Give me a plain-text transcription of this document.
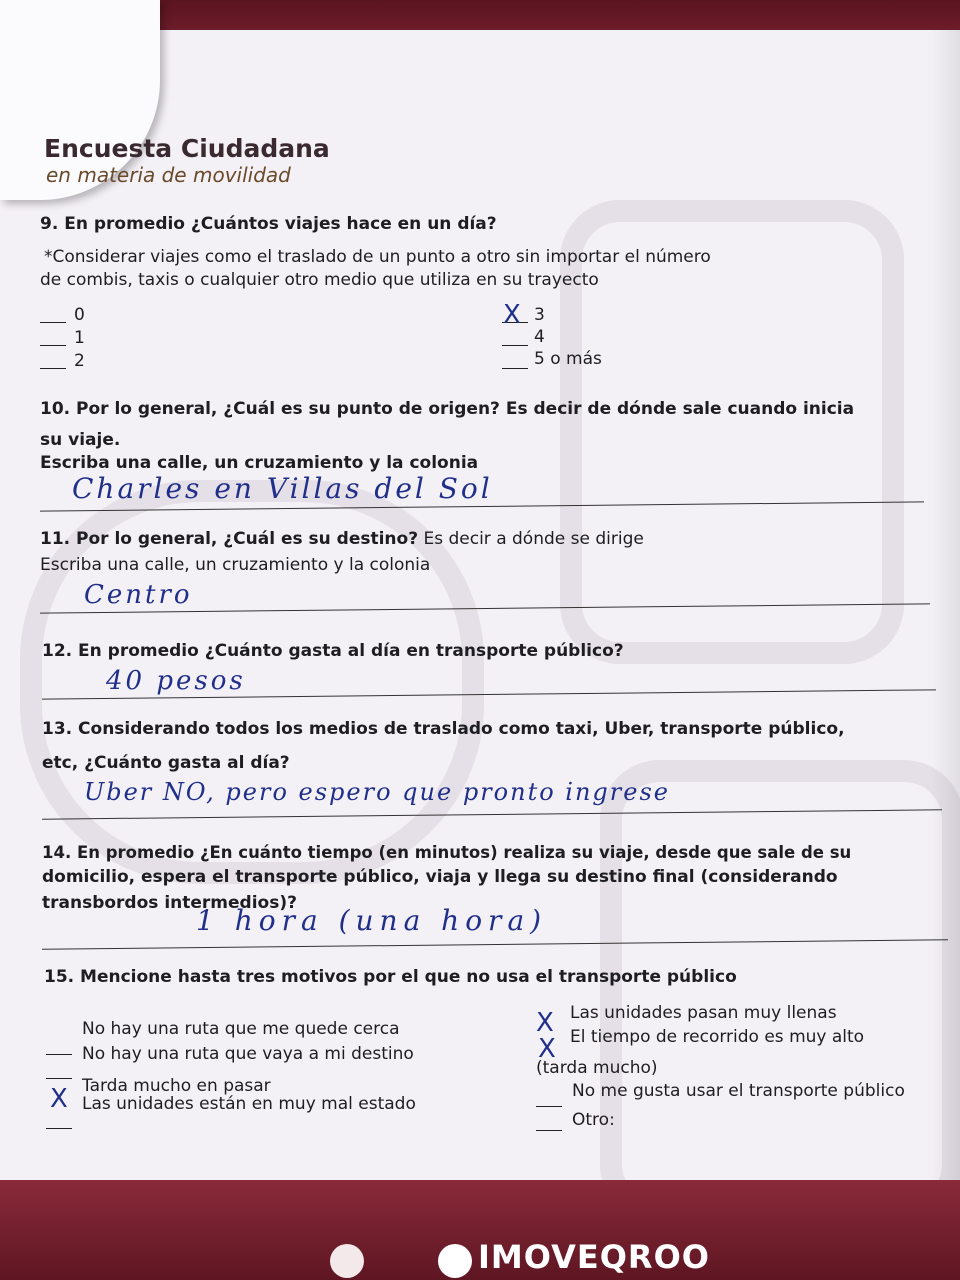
Encuesta Ciudadana
en materia de movilidad
9. En promedio ¿Cuántos viajes hace en un día?
*Considerar viajes como el traslado de un punto a otro sin importar el número
de combis, taxis o cualquier otro medio que utiliza en su trayecto
0
1
2
X 3
4
5 o más
10. Por lo general, ¿Cuál es su punto de origen? Es decir de dónde sale cuando inicia
su viaje.
Escriba una calle, un cruzamiento y la colonia
Charles en Villas del Sol
11. Por lo general, ¿Cuál es su destino? Es decir a dónde se dirige
Escriba una calle, un cruzamiento y la colonia
Centro
12. En promedio ¿Cuánto gasta al día en transporte público?
40 pesos
13. Considerando todos los medios de traslado como taxi, Uber, transporte público,
etc, ¿Cuánto gasta al día?
Uber NO, pero espero que pronto ingrese
14. En promedio ¿En cuánto tiempo (en minutos) realiza su viaje, desde que sale de su
domicilio, espera el transporte público, viaja y llega su destino final (considerando
transbordos intermedios)?
1 hora (una hora)
15. Mencione hasta tres motivos por el que no usa el transporte público
No hay una ruta que me quede cerca
No hay una ruta que vaya a mi destino
X Tarda mucho en pasar
Las unidades están en muy mal estado
X Las unidades pasan muy llenas
X El tiempo de recorrido es muy alto
(tarda mucho)
No me gusta usar el transporte público
Otro:
IMOVEQROO
